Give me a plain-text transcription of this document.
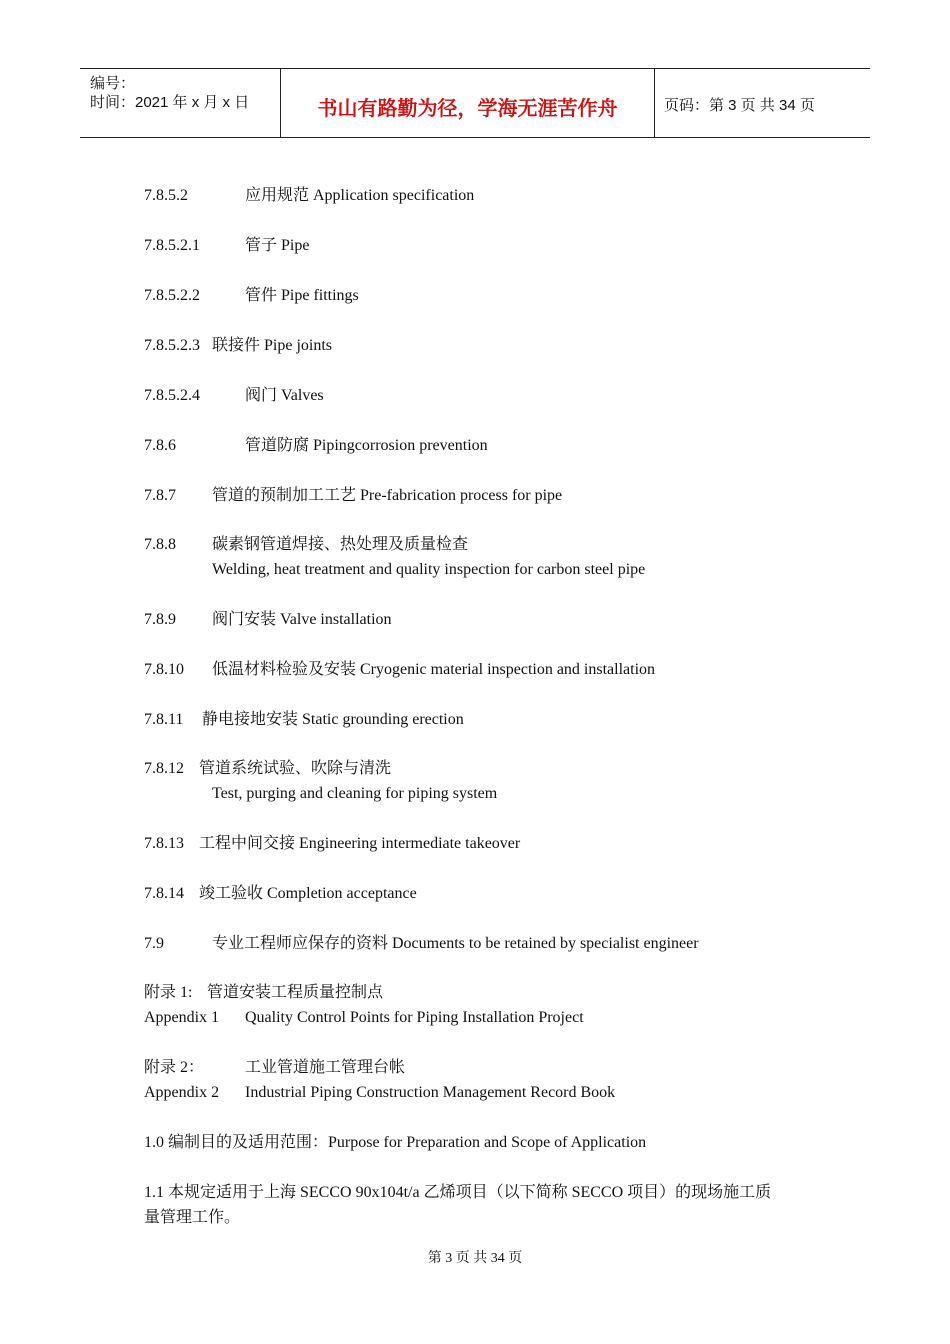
编号：
时间：2021 年 x 月 x 日	书山有路勤为径，学海无涯苦作舟	页码：第 3 页 共 34 页
7.8.5.2	应用规范 Application specification
7.8.5.2.1	管子 Pipe
7.8.5.2.2	管件 Pipe fittings
7.8.5.2.3 联接件 Pipe joints
7.8.5.2.4	阀门 Valves
7.8.6	管道防腐 Pipingcorrosion prevention
7.8.7 管道的预制加工工艺 Pre-fabrication process for pipe
7.8.8 碳素钢管道焊接、热处理及质量检查
Welding, heat treatment and quality inspection for carbon steel pipe
7.8.9 阀门安装 Valve installation
7.8.10 低温材料检验及安装 Cryogenic material inspection and installation
7.8.11 静电接地安装 Static grounding erection
7.8.12 管道系统试验、吹除与清洗
Test, purging and cleaning for piping system
7.8.13 工程中间交接 Engineering intermediate takeover
7.8.14 竣工验收 Completion acceptance
7.9	专业工程师应保存的资料 Documents to be retained by specialist engineer
附录 1: 管道安装工程质量控制点
Appendix 1 Quality Control Points for Piping Installation Project
附录 2：	工业管道施工管理台帐
Appendix 2 Industrial Piping Construction Management Record Book
1.0 编制目的及适用范围：Purpose for Preparation and Scope of Application
1.1 本规定适用于上海 SECCO 90x104t/a 乙烯项目（以下简称 SECCO 项目）的现场施工质
量管理工作。
第 3 页 共 34 页
